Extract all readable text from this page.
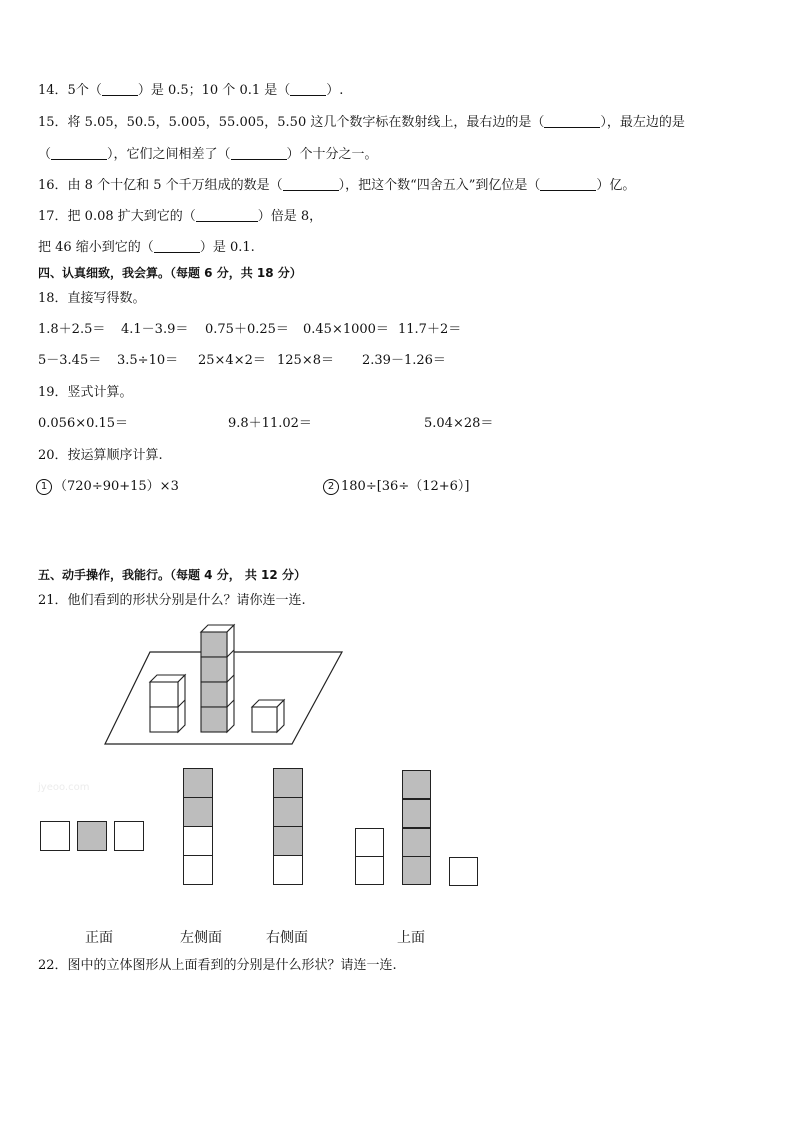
14．5个（	）是 0.5；10 个 0.1 是（	）.
15．将 5.05，50.5，5.005，55.005，5.50 这几个数字标在数射线上，最右边的是（	），最左边的是
（	），它们之间相差了（	）个十分之一。
16．由 8 个十亿和 5 个千万组成的数是（	），把这个数“四舍五入”到亿位是（	）亿。
17．把 0.08 扩大到它的（	）倍是 8，
把 46 缩小到它的（	）是 0.1.
四、认真细致，我会算。（每题 6 分，共 18 分）
18．直接写得数。
1.8＋2.5＝ 4.1－3.9＝ 0.75＋0.25＝ 0.45×1000＝ 11.7＋2＝
5－3.45＝ 3.5÷10＝ 25×4×2＝ 125×8＝ 2.39－1.26＝
19．竖式计算。
0.056×0.15＝	9.8＋11.02＝	5.04×28＝
20．按运算顺序计算.
1 （720÷90+15）×3	2 180÷[36÷（12+6）]
五、动手操作，我能行。（每题 4 分， 共 12 分）
21．他们看到的形状分别是什么？请你连一连.
jyeoo.com
正面	左侧面	右侧面	上面
22．图中的立体图形从上面看到的分别是什么形状？请连一连.
